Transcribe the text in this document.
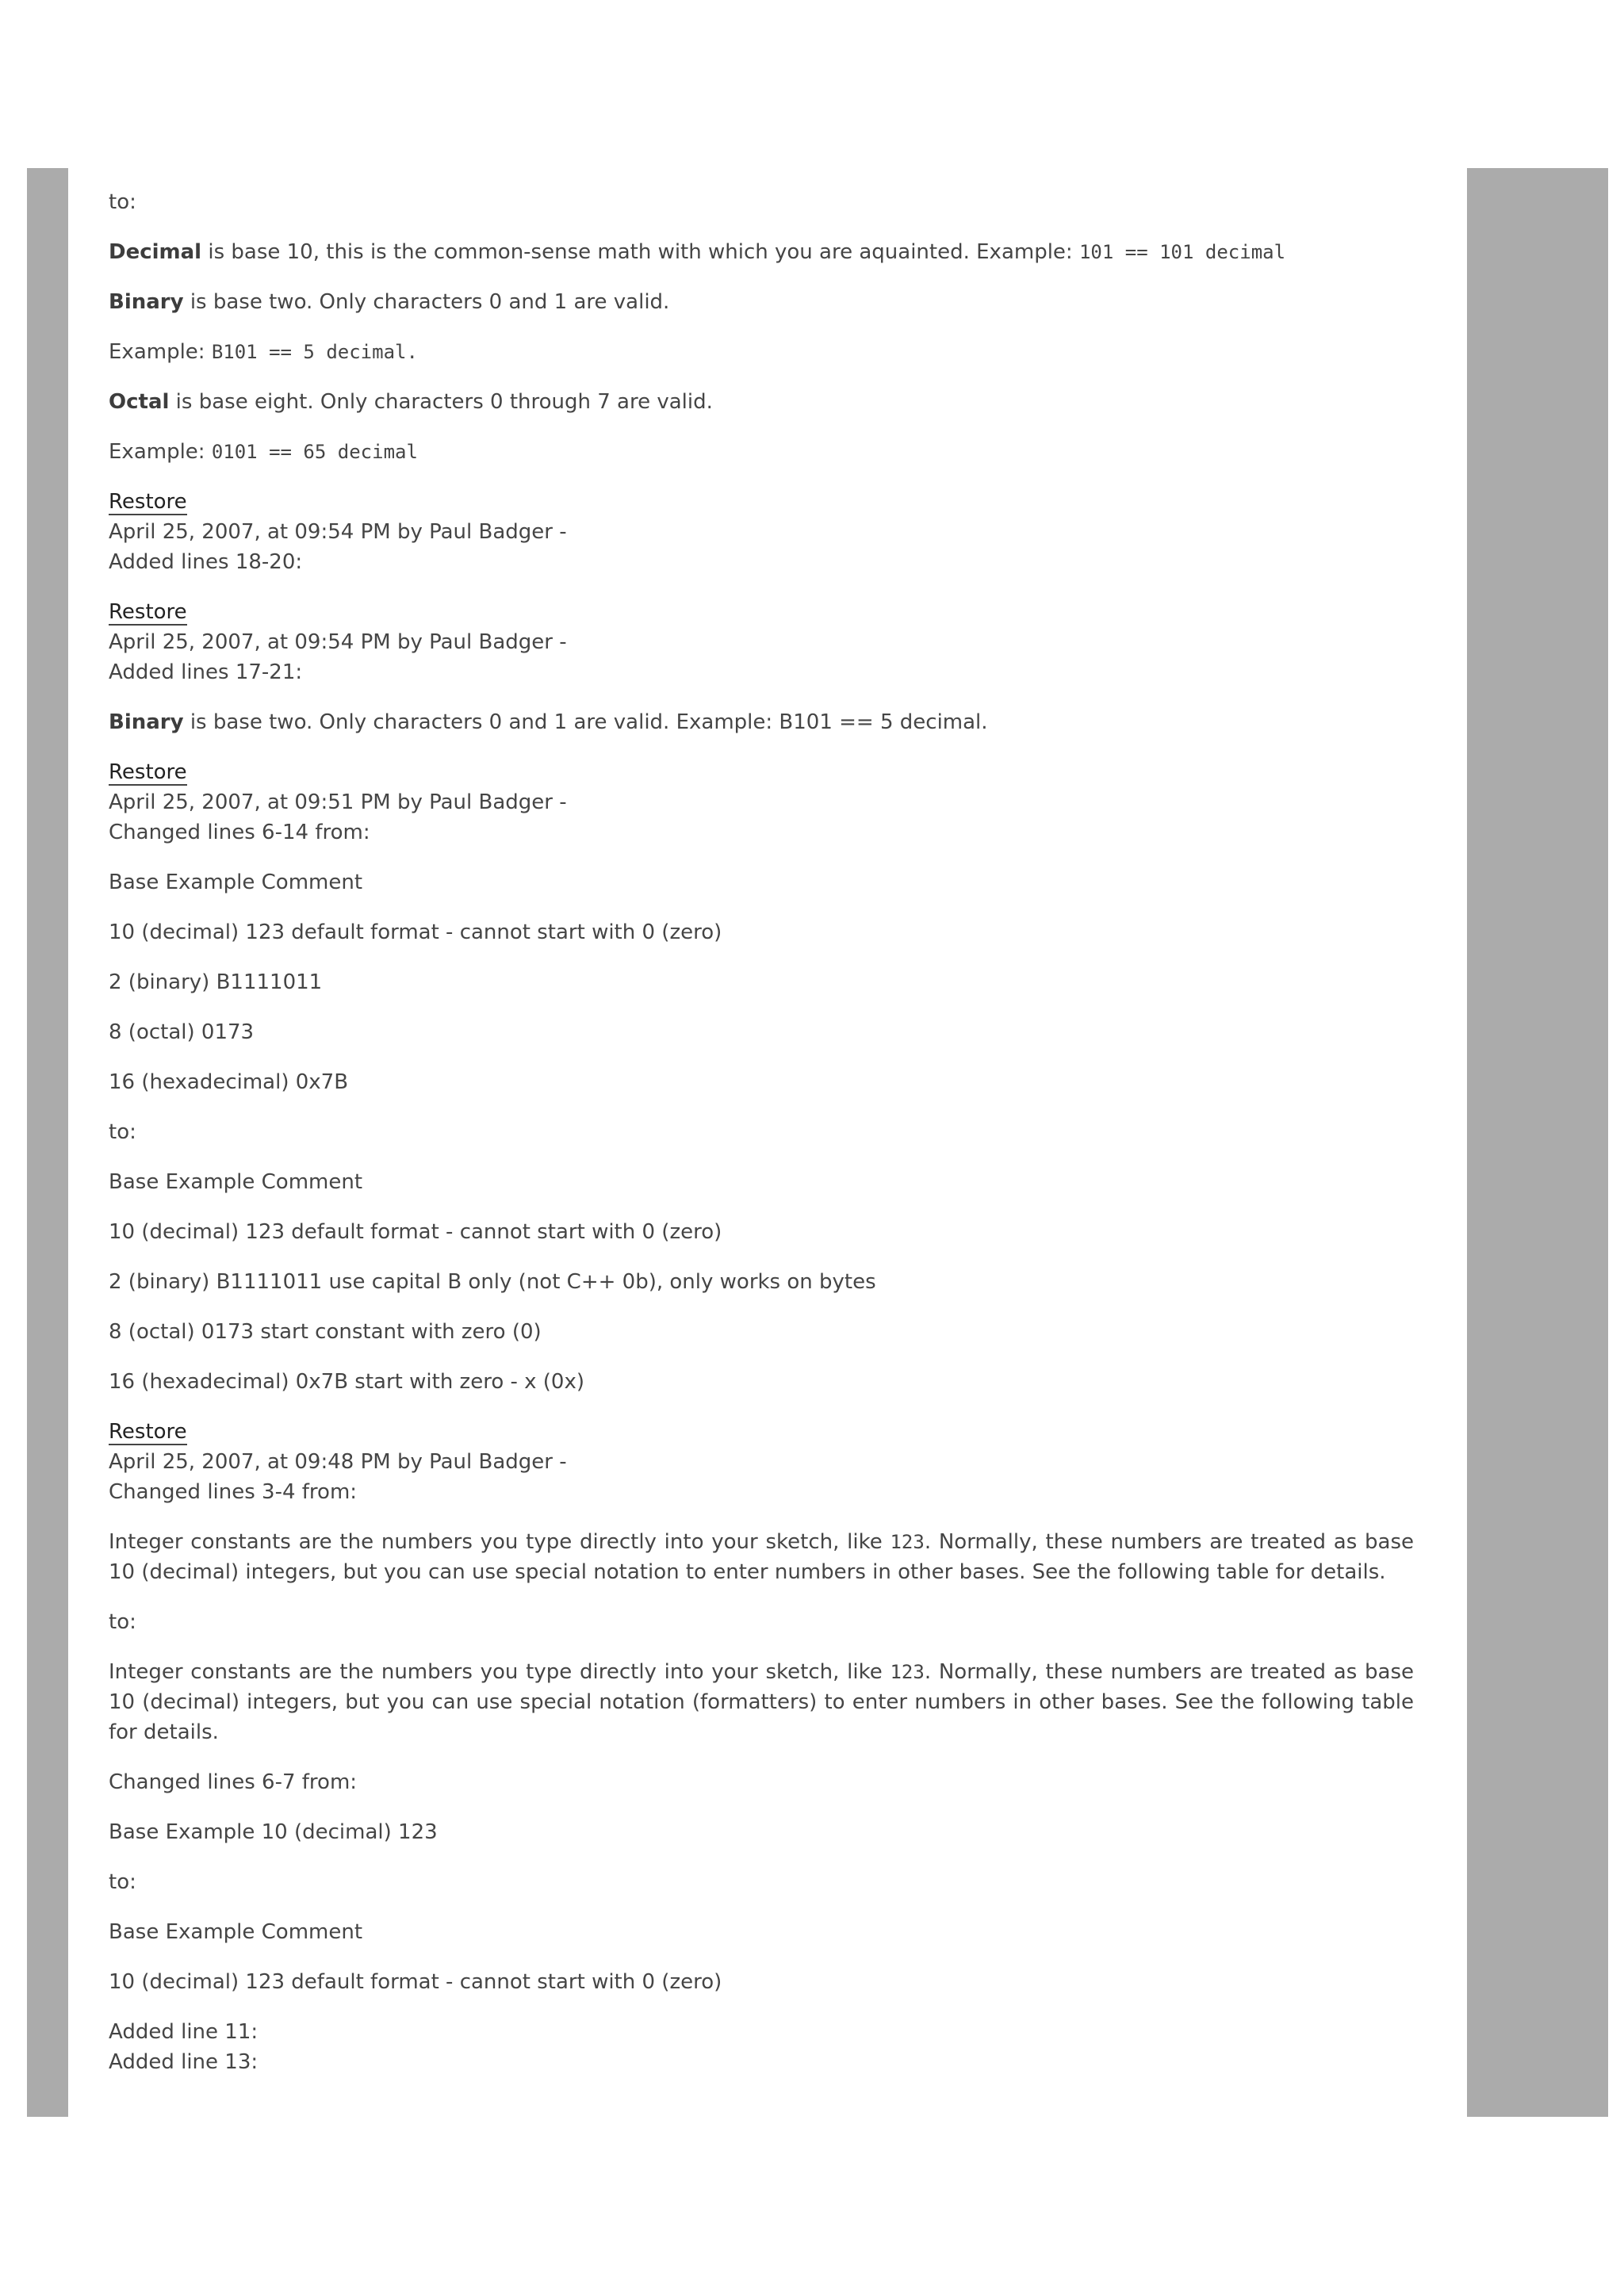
to:

Decimal is base 10, this is the common-sense math with which you are aquainted. Example: 101 == 101 decimal

Binary is base two. Only characters 0 and 1 are valid.

Example: B101 == 5 decimal.

Octal is base eight. Only characters 0 through 7 are valid.

Example: 0101 == 65 decimal

Restore

April 25, 2007, at 09:54 PM by Paul Badger -

Added lines 18-20:

Restore

April 25, 2007, at 09:54 PM by Paul Badger -

Added lines 17-21:

Binary is base two. Only characters 0 and 1 are valid. Example: B101 == 5 decimal.

Restore

April 25, 2007, at 09:51 PM by Paul Badger -

Changed lines 6-14 from:

Base Example Comment

10 (decimal) 123 default format - cannot start with 0 (zero)

2 (binary) B1111011

8 (octal) 0173

16 (hexadecimal) 0x7B

to:

Base Example Comment

10 (decimal) 123 default format - cannot start with 0 (zero)

2 (binary) B1111011 use capital B only (not C++ 0b), only works on bytes

8 (octal) 0173 start constant with zero (0)

16 (hexadecimal) 0x7B start with zero - x (0x)

Restore

April 25, 2007, at 09:48 PM by Paul Badger -

Changed lines 3-4 from:

Integer constants are the numbers you type directly into your sketch, like 123. Normally, these numbers are treated as base 10 (decimal) integers, but you can use special notation to enter numbers in other bases. See the following table for details.

to:

Integer constants are the numbers you type directly into your sketch, like 123. Normally, these numbers are treated as base 10 (decimal) integers, but you can use special notation (formatters) to enter numbers in other bases. See the following table for details.

Changed lines 6-7 from:

Base Example 10 (decimal) 123

to:

Base Example Comment

10 (decimal) 123 default format - cannot start with 0 (zero)

Added line 11:

Added line 13:
